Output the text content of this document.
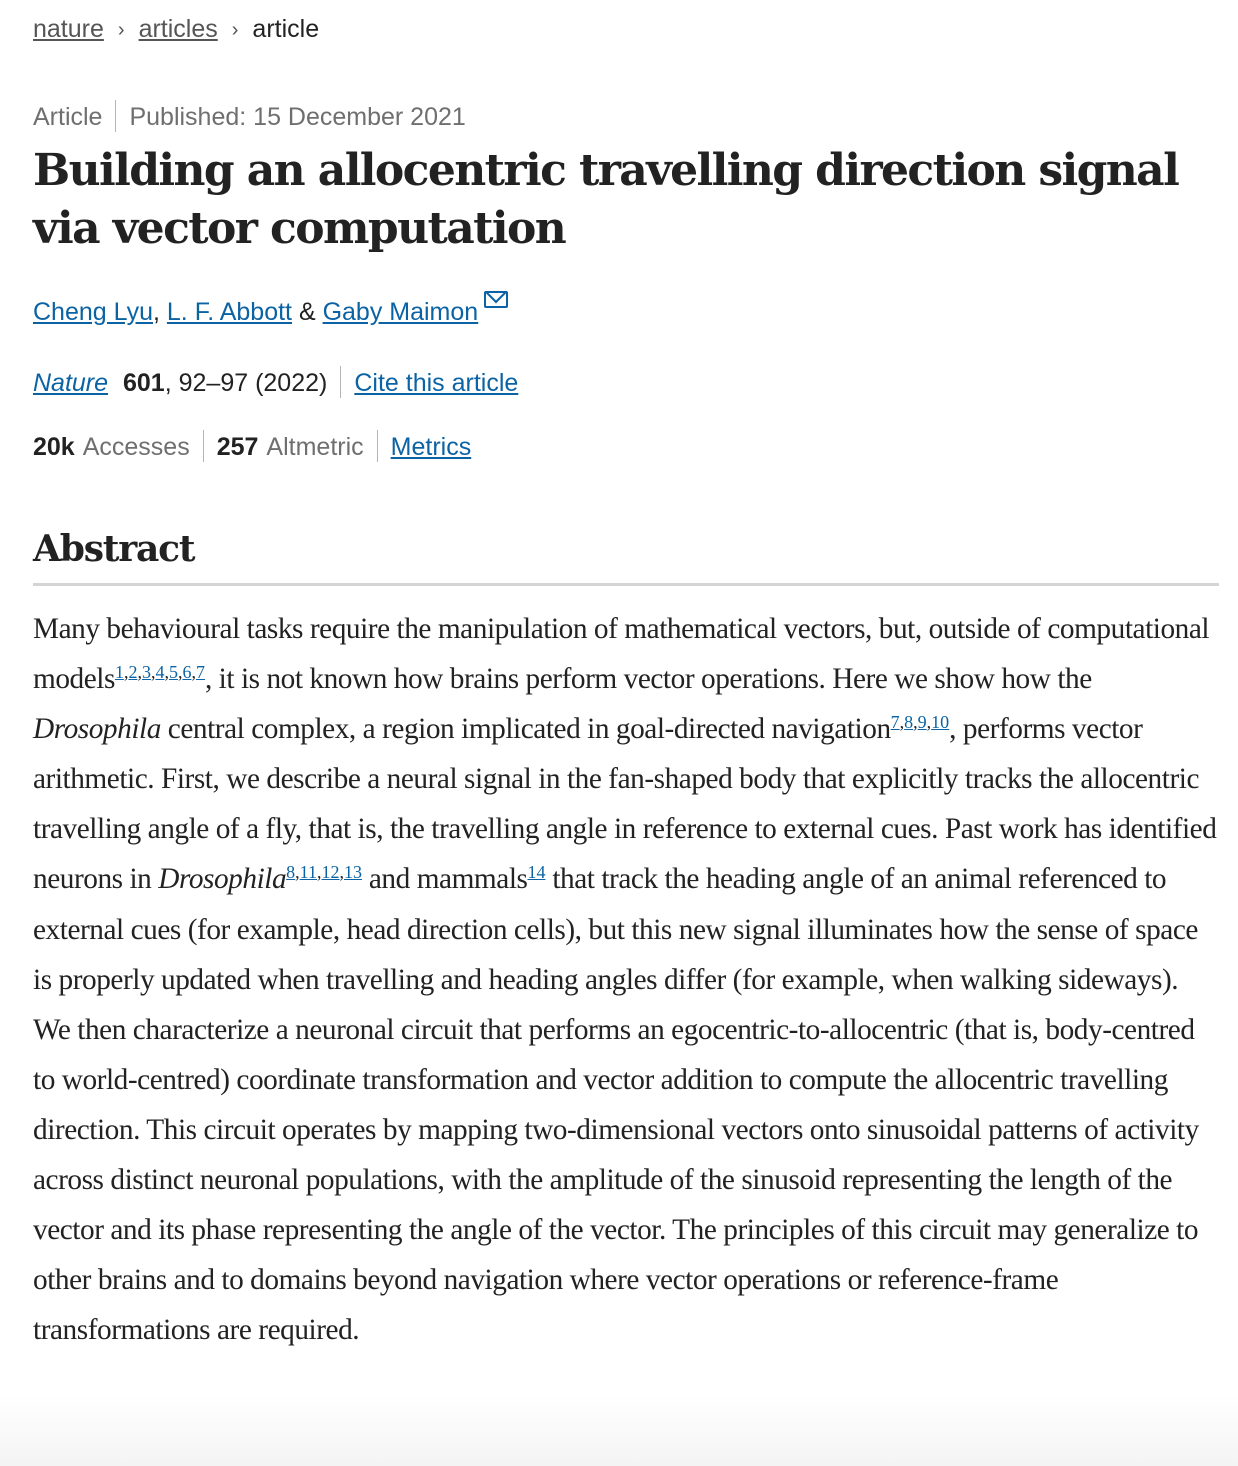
nature › articles › article
Article Published: 15 December 2021
Building an allocentric travelling direction signal via vector computation
Cheng Lyu, L. F. Abbott & Gaby Maimon
Nature 601, 92–97 (2022) Cite this article
20k Accesses 257 Altmetric Metrics
Abstract

Many behavioural tasks require the manipulation of mathematical vectors, but, outside of computational models$^{1,2,3,4,5,6,7}$, it is not known how brains perform vector operations. Here we show how the Drosophila central complex, a region implicated in goal-directed navigation$^{7,8,9,10}$, performs vector arithmetic. First, we describe a neural signal in the fan-shaped body that explicitly tracks the allocentric travelling angle of a fly, that is, the travelling angle in reference to external cues. Past work has identified neurons in Drosophila$^{8,11,12,13}$ and mammals$^{14}$ that track the heading angle of an animal referenced to external cues (for example, head direction cells), but this new signal illuminates how the sense of space is properly updated when travelling and heading angles differ (for example, when walking sideways). We then characterize a neuronal circuit that performs an egocentric-to-allocentric (that is, body-centred to world-centred) coordinate transformation and vector addition to compute the allocentric travelling direction. This circuit operates by mapping two-dimensional vectors onto sinusoidal patterns of activity across distinct neuronal populations, with the amplitude of the sinusoid representing the length of the vector and its phase representing the angle of the vector. The principles of this circuit may generalize to other brains and to domains beyond navigation where vector operations or reference-frame transformations are required.
